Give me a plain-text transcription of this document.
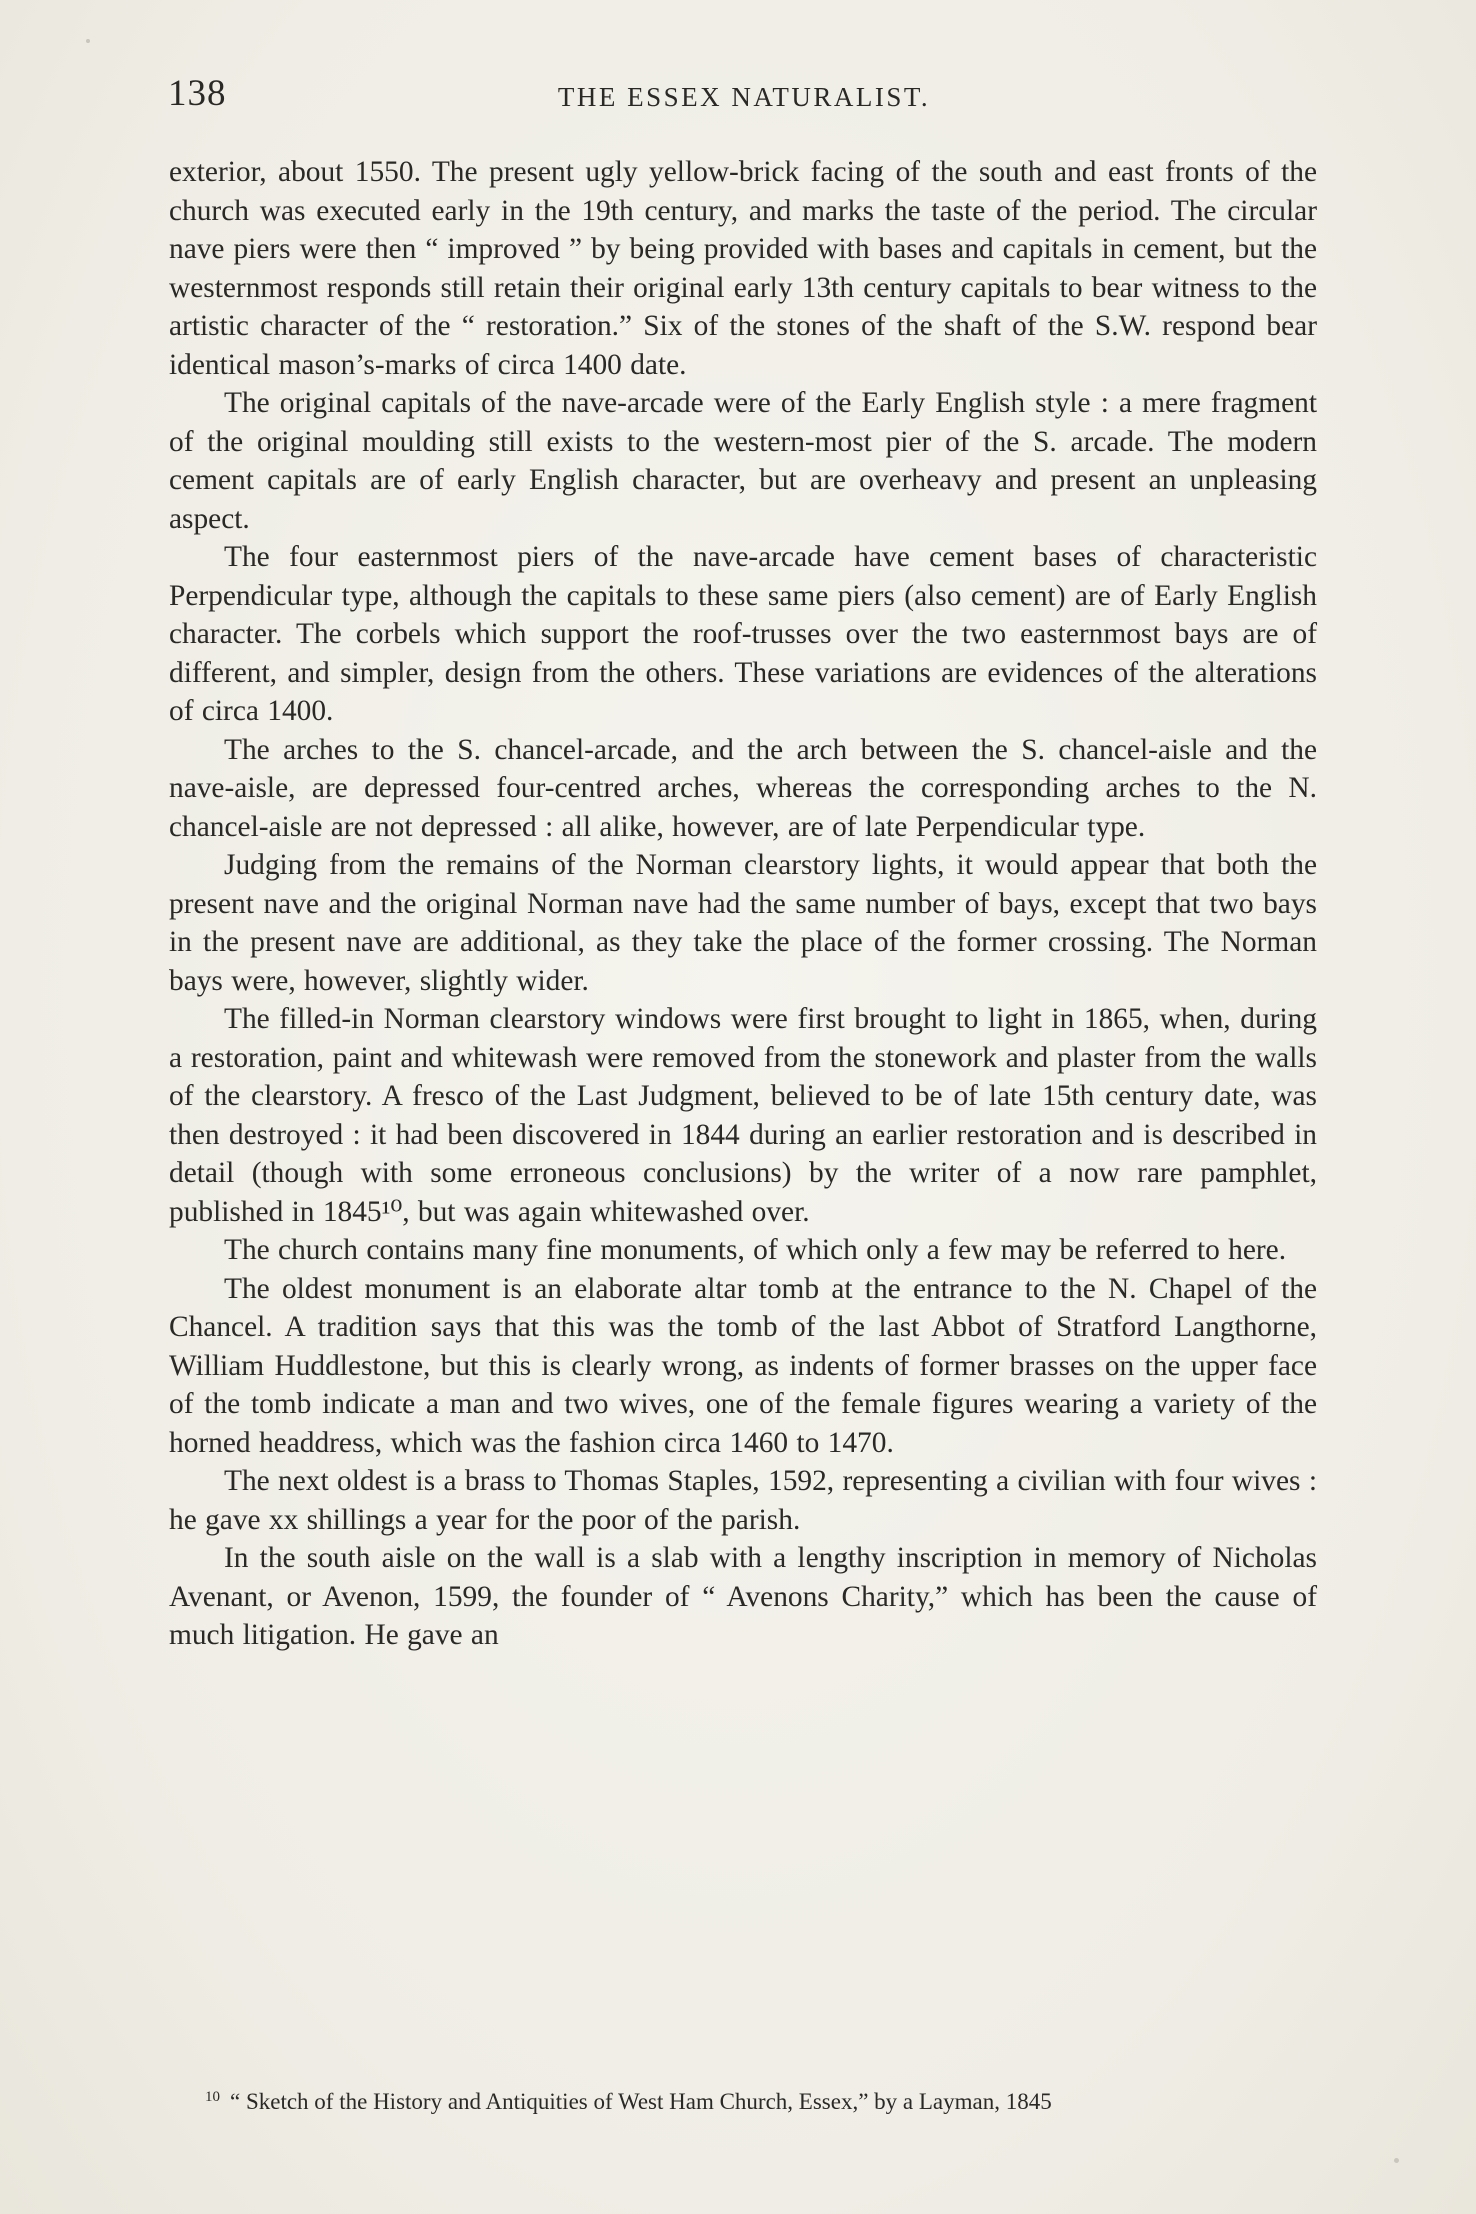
138	THE ESSEX NATURALIST.

exterior, about 1550. The present ugly yellow-brick facing of the south and east fronts of the church was executed early in the 19th century, and marks the taste of the period. The circular nave piers were then “ improved ” by being provided with bases and capitals in cement, but the westernmost responds still retain their original early 13th century capitals to bear witness to the artistic character of the “ restoration.” Six of the stones of the shaft of the S.W. respond bear identical mason’s-marks of circa 1400 date.

The original capitals of the nave-arcade were of the Early English style : a mere fragment of the original moulding still exists to the western-most pier of the S. arcade. The modern cement capitals are of early English character, but are overheavy and present an unpleasing aspect.

The four easternmost piers of the nave-arcade have cement bases of characteristic Perpendicular type, although the capitals to these same piers (also cement) are of Early English character. The corbels which support the roof-trusses over the two easternmost bays are of different, and simpler, design from the others. These variations are evidences of the alterations of circa 1400.

The arches to the S. chancel-arcade, and the arch between the S. chancel-aisle and the nave-aisle, are depressed four-centred arches, whereas the corresponding arches to the N. chancel-aisle are not depressed : all alike, however, are of late Perpendicular type.

Judging from the remains of the Norman clearstory lights, it would appear that both the present nave and the original Norman nave had the same number of bays, except that two bays in the present nave are additional, as they take the place of the former crossing. The Norman bays were, however, slightly wider.

The filled-in Norman clearstory windows were first brought to light in 1865, when, during a restoration, paint and whitewash were removed from the stonework and plaster from the walls of the clearstory. A fresco of the Last Judgment, believed to be of late 15th century date, was then destroyed : it had been discovered in 1844 during an earlier restoration and is described in detail (though with some erroneous conclusions) by the writer of a now rare pamphlet, published in 1845¹⁰, but was again whitewashed over.

The church contains many fine monuments, of which only a few may be referred to here.

The oldest monument is an elaborate altar tomb at the entrance to the N. Chapel of the Chancel. A tradition says that this was the tomb of the last Abbot of Stratford Langthorne, William Huddlestone, but this is clearly wrong, as indents of former brasses on the upper face of the tomb indicate a man and two wives, one of the female figures wearing a variety of the horned headdress, which was the fashion circa 1460 to 1470.

The next oldest is a brass to Thomas Staples, 1592, representing a civilian with four wives : he gave xx shillings a year for the poor of the parish.

In the south aisle on the wall is a slab with a lengthy inscription in memory of Nicholas Avenant, or Avenon, 1599, the founder of “ Avenons Charity,” which has been the cause of much litigation. He gave an

$^{10}$ “ Sketch of the History and Antiquities of West Ham Church, Essex,” by a Layman, 1845
